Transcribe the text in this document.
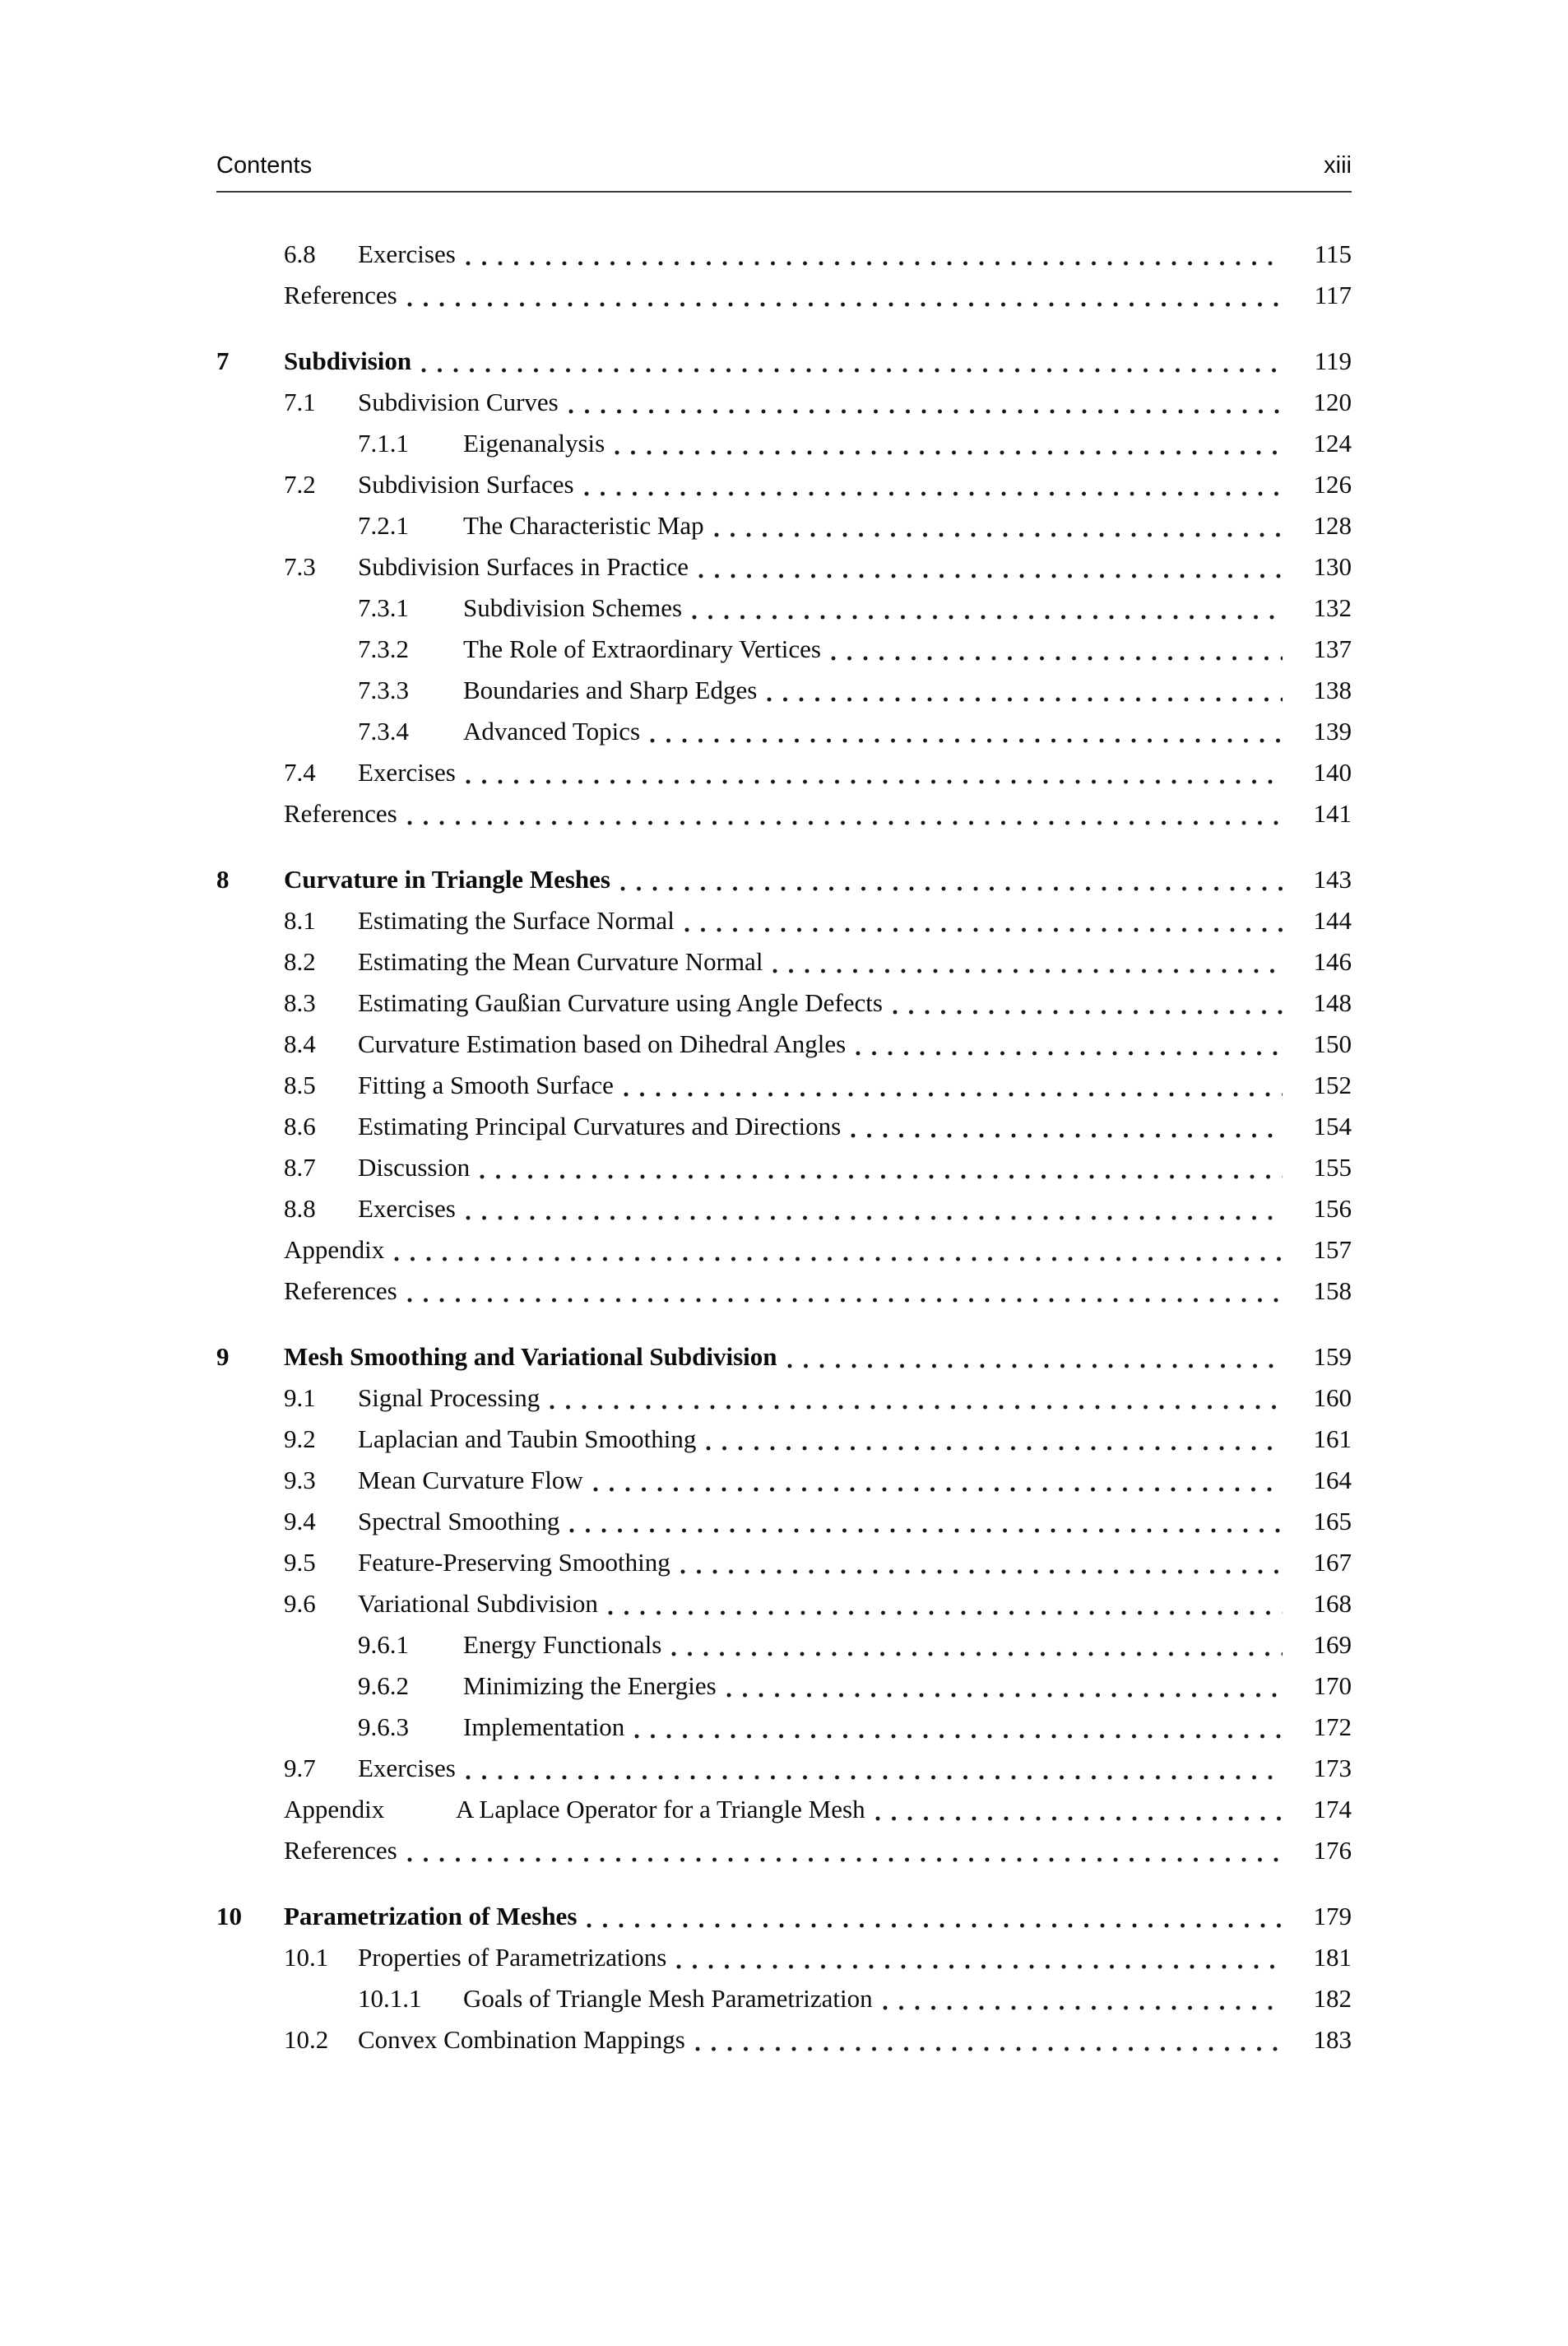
Contents	xiii
6.8	Exercises	115
References	117
7	Subdivision	119
7.1	Subdivision Curves	120
7.1.1	Eigenanalysis	124
7.2	Subdivision Surfaces	126
7.2.1	The Characteristic Map	128
7.3	Subdivision Surfaces in Practice	130
7.3.1	Subdivision Schemes	132
7.3.2	The Role of Extraordinary Vertices	137
7.3.3	Boundaries and Sharp Edges	138
7.3.4	Advanced Topics	139
7.4	Exercises	140
References	141
8	Curvature in Triangle Meshes	143
8.1	Estimating the Surface Normal	144
8.2	Estimating the Mean Curvature Normal	146
8.3	Estimating Gaußian Curvature using Angle Defects	148
8.4	Curvature Estimation based on Dihedral Angles	150
8.5	Fitting a Smooth Surface	152
8.6	Estimating Principal Curvatures and Directions	154
8.7	Discussion	155
8.8	Exercises	156
Appendix	157
References	158
9	Mesh Smoothing and Variational Subdivision	159
9.1	Signal Processing	160
9.2	Laplacian and Taubin Smoothing	161
9.3	Mean Curvature Flow	164
9.4	Spectral Smoothing	165
9.5	Feature-Preserving Smoothing	167
9.6	Variational Subdivision	168
9.6.1	Energy Functionals	169
9.6.2	Minimizing the Energies	170
9.6.3	Implementation	172
9.7	Exercises	173
Appendix	A Laplace Operator for a Triangle Mesh	174
References	176
10	Parametrization of Meshes	179
10.1	Properties of Parametrizations	181
10.1.1	Goals of Triangle Mesh Parametrization	182
10.2	Convex Combination Mappings	183
